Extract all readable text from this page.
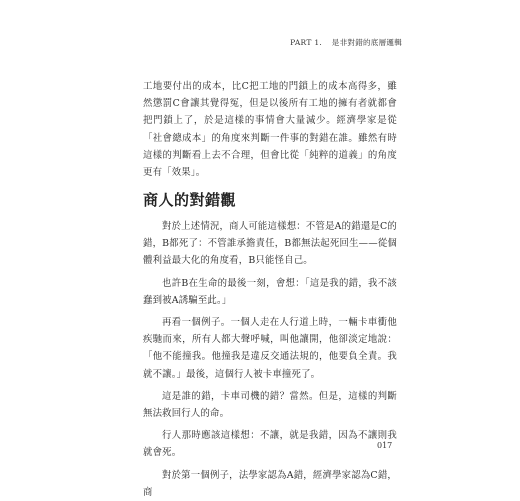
PART 1. 是非對錯的底層邏輯

工地要付出的成本，比C把工地的門鎖上的成本高得多，雖然懲罰C會讓其覺得冤，但是以後所有工地的擁有者就都會把門鎖上了，於是這樣的事情會大量減少。經濟學家是從「社會總成本」的角度來判斷一件事的對錯在誰。雖然有時這樣的判斷看上去不合理，但會比從「純粹的道義」的角度更有「效果」。

商人的對錯觀

對於上述情況，商人可能這樣想：不管是A的錯還是C的錯，B都死了：不管誰承擔責任，B都無法起死回生——從個體利益最大化的角度看，B只能怪自己。

也許B在生命的最後一刻，會想：「這是我的錯，我不該蠢到被A誘騙至此。」

再看一個例子。一個人走在人行道上時，一輛卡車衝他疾馳而來，所有人都大聲呼喊，叫他讓開，他卻淡定地說：「他不能撞我。他撞我是違反交通法規的，他要負全責。我就不讓。」最後，這個行人被卡車撞死了。

這是誰的錯，卡車司機的錯？當然。但是，這樣的判斷無法救回行人的命。

行人那時應該這樣想：不讓，就是我錯，因為不讓則我就會死。

對於第一個例子，法學家認為A錯，經濟學家認為C錯，商

017
